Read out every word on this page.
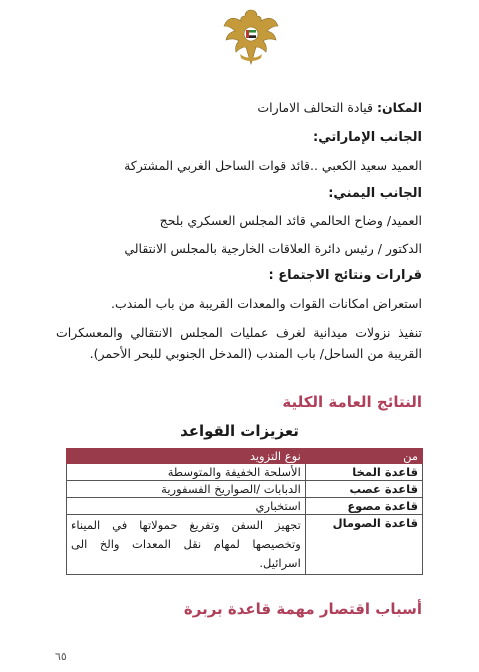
المكان: قيادة التحالف الامارات
الجانب الإماراتي:
العميد سعيد الكعبي ..قائد قوات الساحل الغربي المشتركة
الجانب اليمني:
العميد/ وضاح الحالمي قائد المجلس العسكري بلحج
الدكتور / رئيس دائرة العلاقات الخارجية بالمجلس الانتقالي
قرارات ونتائج الاجتماع :
استعراض امكانات القوات والمعدات القريبة من باب المندب.
تنفيذ نزولات ميدانية لغرف عمليات المجلس الانتقالي والمعسكرات القريبة من الساحل/ باب المندب (المدخل الجنوبي للبحر الأحمر).
النتائج العامة الكلية
تعزيزات القواعد
من	نوع التزويد
قاعدة المخا	الأسلحة الخفيفة والمتوسطة
قاعدة عصب	الدبابات /الصواريخ الفسفورية
قاعدة مصوع	استخباري
قاعدة الصومال	تجهيز السفن وتفريغ حمولاتها في الميناء وتخصيصها لمهام نقل المعدات والخ الى اسرائيل.
أسباب اقتصار مهمة قاعدة بربرة
٦٥
